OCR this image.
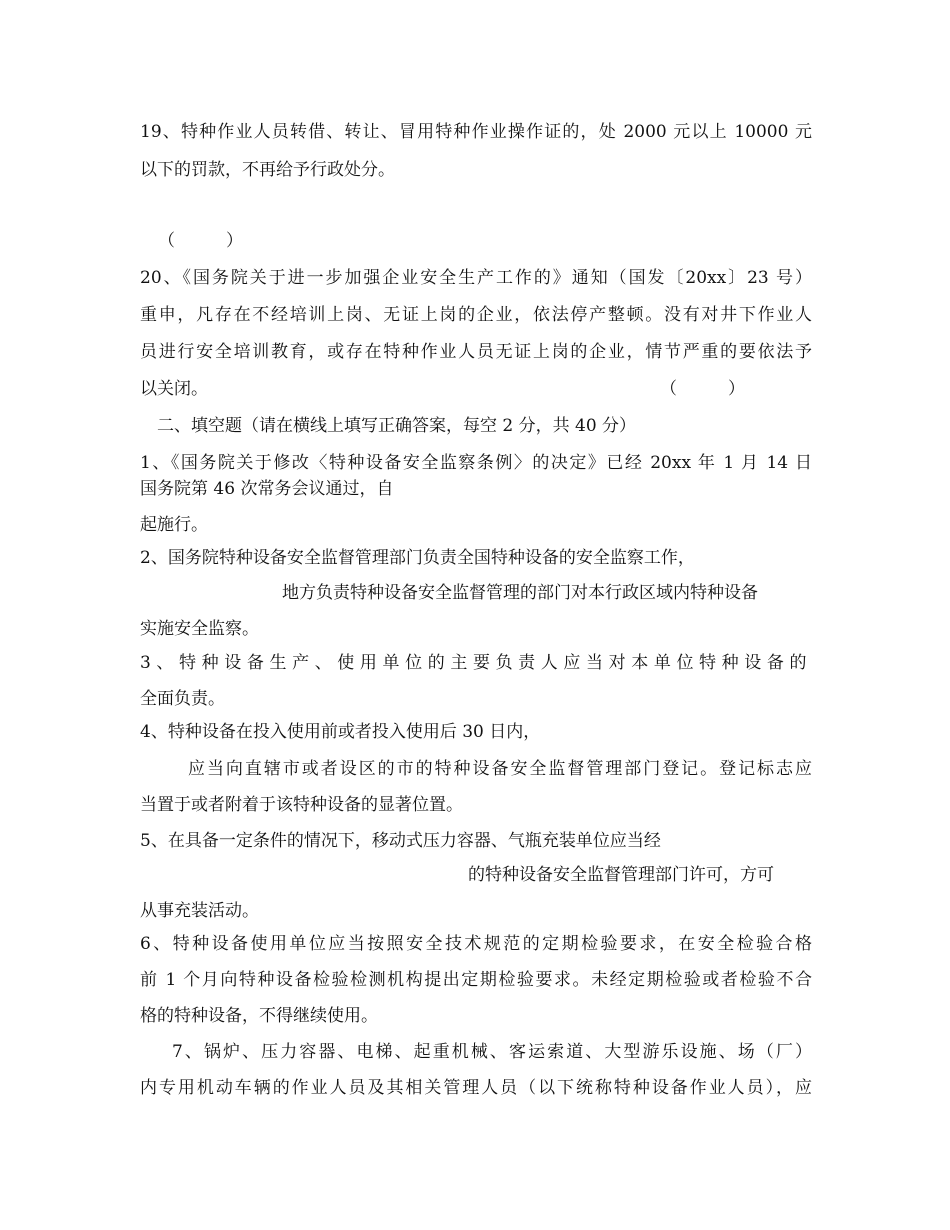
19、特种作业人员转借、转让、冒用特种作业操作证的，处 2000 元以上 10000 元
以下的罚款，不再给予行政处分。
（　　　）
20、《国务院关于进一步加强企业安全生产工作的》通知（国发〔20xx〕23 号）
重申，凡存在不经培训上岗、无证上岗的企业，依法停产整顿。没有对井下作业人
员进行安全培训教育，或存在特种作业人员无证上岗的企业，情节严重的要依法予
以关闭。	（　　　）
二、填空题（请在横线上填写正确答案，每空 2 分，共 40 分）
1、《国务院关于修改〈特种设备安全监察条例〉的决定》已经 20xx 年 1 月 14 日
国务院第 46 次常务会议通过，自
起施行。
2、国务院特种设备安全监督管理部门负责全国特种设备的安全监察工作，
地方负责特种设备安全监督管理的部门对本行政区域内特种设备
实施安全监察。
3、特种设备生产、使用单位的主要负责人应当对本单位特种设备的
全面负责。
4、特种设备在投入使用前或者投入使用后 30 日内，
应当向直辖市或者设区的市的特种设备安全监督管理部门登记。登记标志应
当置于或者附着于该特种设备的显著位置。
5、在具备一定条件的情况下，移动式压力容器、气瓶充装单位应当经
的特种设备安全监督管理部门许可，方可
从事充装活动。
6、特种设备使用单位应当按照安全技术规范的定期检验要求，在安全检验合格
前 1 个月向特种设备检验检测机构提出定期检验要求。未经定期检验或者检验不合
格的特种设备，不得继续使用。
7、锅炉、压力容器、电梯、起重机械、客运索道、大型游乐设施、场（厂）
内专用机动车辆的作业人员及其相关管理人员（以下统称特种设备作业人员），应
